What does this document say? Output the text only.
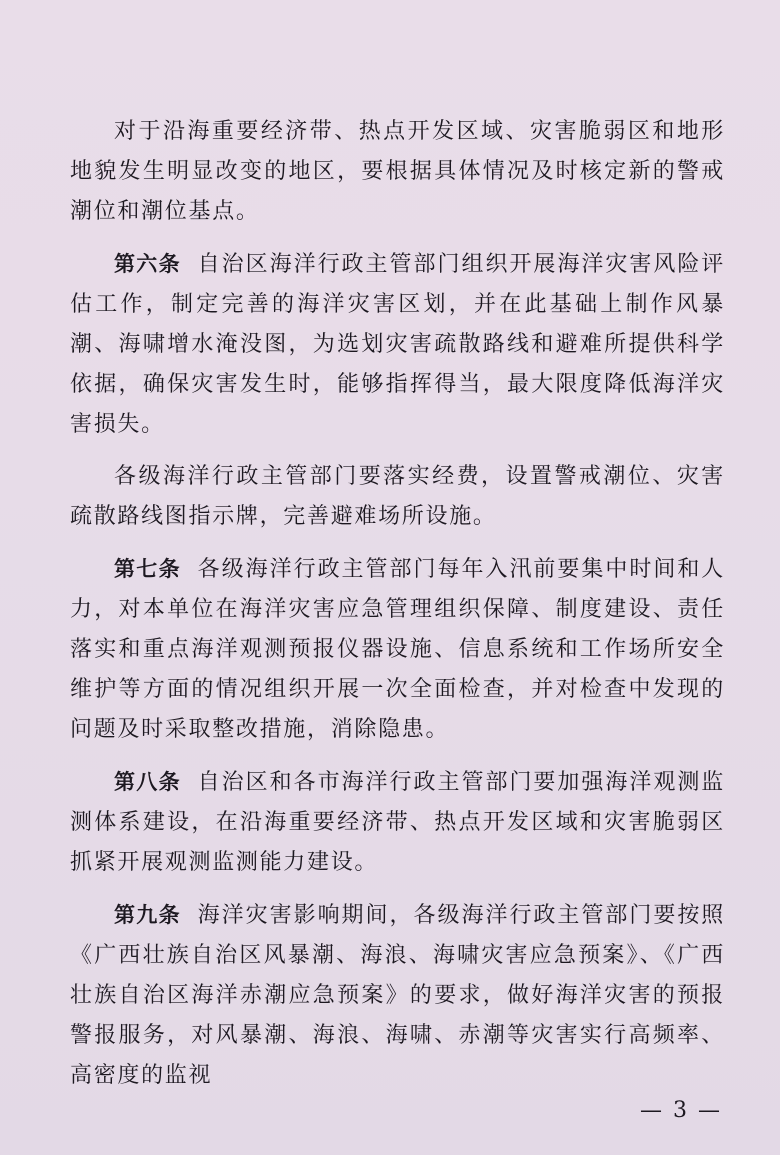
对于沿海重要经济带、热点开发区域、灾害脆弱区和地形地貌发生明显改变的地区，要根据具体情况及时核定新的警戒潮位和潮位基点。

第六条 自治区海洋行政主管部门组织开展海洋灾害风险评估工作，制定完善的海洋灾害区划，并在此基础上制作风暴潮、海啸增水淹没图，为选划灾害疏散路线和避难所提供科学依据，确保灾害发生时，能够指挥得当，最大限度降低海洋灾害损失。

各级海洋行政主管部门要落实经费，设置警戒潮位、灾害疏散路线图指示牌，完善避难场所设施。

第七条 各级海洋行政主管部门每年入汛前要集中时间和人力，对本单位在海洋灾害应急管理组织保障、制度建设、责任落实和重点海洋观测预报仪器设施、信息系统和工作场所安全维护等方面的情况组织开展一次全面检查，并对检查中发现的问题及时采取整改措施，消除隐患。

第八条 自治区和各市海洋行政主管部门要加强海洋观测监测体系建设，在沿海重要经济带、热点开发区域和灾害脆弱区抓紧开展观测监测能力建设。

第九条 海洋灾害影响期间，各级海洋行政主管部门要按照《广西壮族自治区风暴潮、海浪、海啸灾害应急预案》、《广西壮族自治区海洋赤潮应急预案》的要求，做好海洋灾害的预报警报服务，对风暴潮、海浪、海啸、赤潮等灾害实行高频率、高密度的监视

— 3 —
